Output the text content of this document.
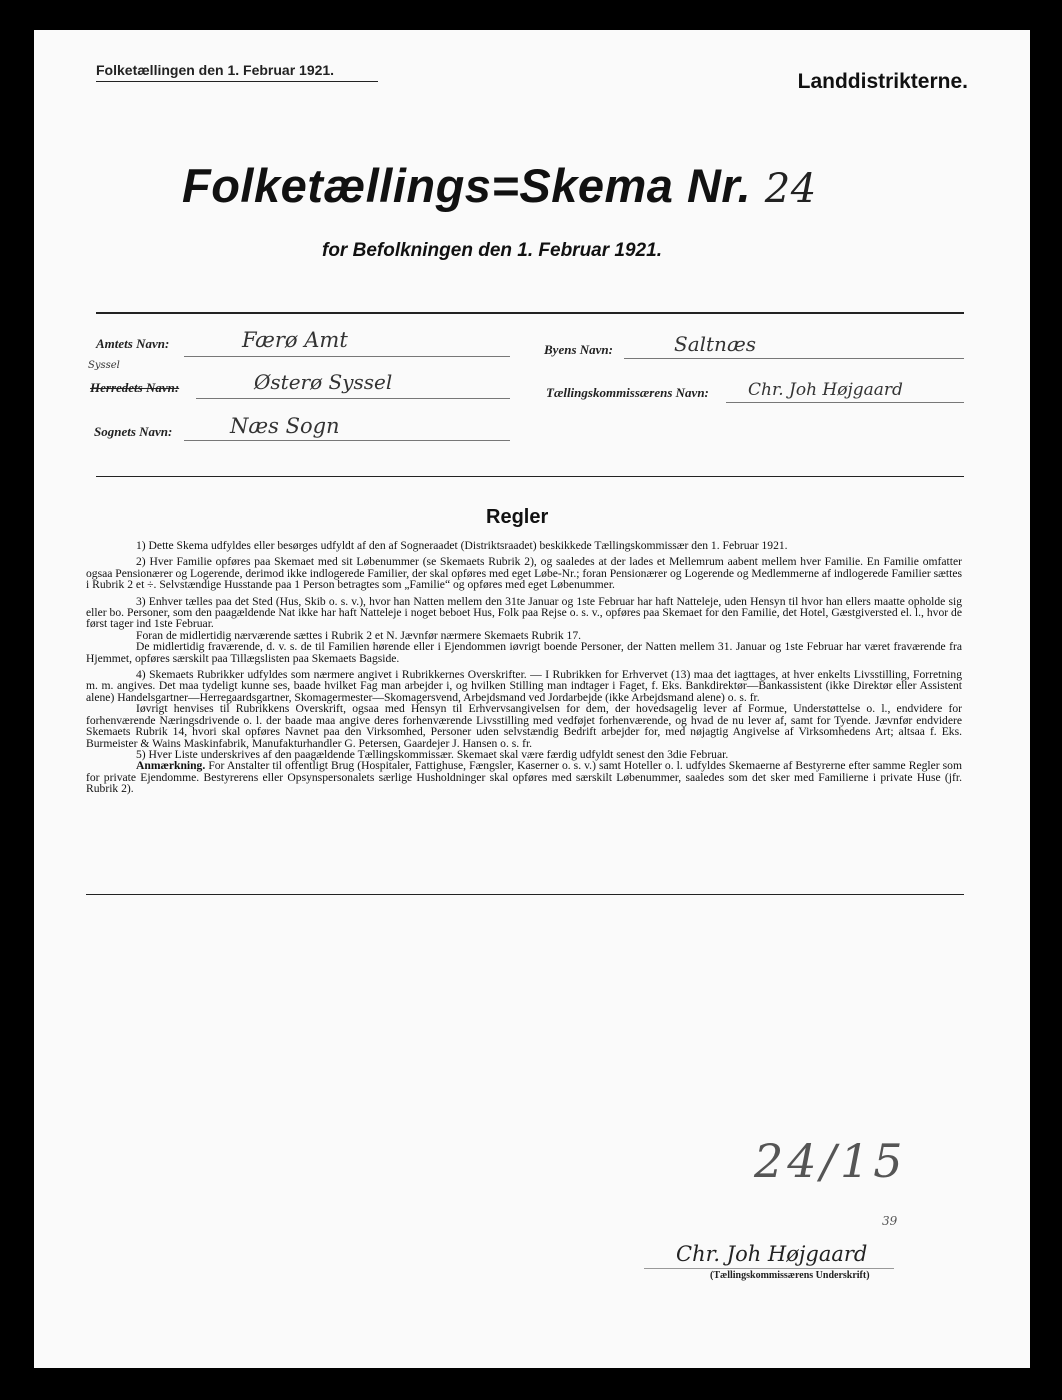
Folketællingen den 1. Februar 1921.	Landdistrikterne.
Folketællings=Skema Nr. 24
for Befolkningen den 1. Februar 1921.
Amtets Navn:	Færø Amt	Byens Navn:	Saltnæs
Syssel
Herredets Navn:	Østerø Syssel	Tællingskommissærens Navn: Chr. Joh Højgaard
Sognets Navn:	Næs Sogn
Regler

1) Dette Skema udfyldes eller besørges udfyldt af den af Sogneraadet (Distriktsraadet) beskikkede Tællingskommissær den 1. Februar 1921.

2) Hver Familie opføres paa Skemaet med sit Løbenummer (se Skemaets Rubrik 2), og saaledes at der lades et Mellemrum aabent mellem hver Familie. En Familie omfatter ogsaa Pensionærer og Logerende, derimod ikke indlogerede Familier, der skal opføres med eget Løbe-Nr.; foran Pensionærer og Logerende og Medlemmerne af indlogerede Familier sættes i Rubrik 2 et ÷. Selvstændige Husstande paa 1 Person betragtes som „Familie“ og opføres med eget Løbenummer.

3) Enhver tælles paa det Sted (Hus, Skib o. s. v.), hvor han Natten mellem den 31te Januar og 1ste Februar har haft Natteleje, uden Hensyn til hvor han ellers maatte opholde sig eller bo. Personer, som den paagældende Nat ikke har haft Natteleje i noget beboet Hus, Folk paa Rejse o. s. v., opføres paa Skemaet for den Familie, det Hotel, Gæstgiversted el. l., hvor de først tager ind 1ste Februar.

Foran de midlertidig nærværende sættes i Rubrik 2 et N. Jævnfør nærmere Skemaets Rubrik 17.

De midlertidig fraværende, d. v. s. de til Familien hørende eller i Ejendommen iøvrigt boende Personer, der Natten mellem 31. Januar og 1ste Februar har været fraværende fra Hjemmet, opføres særskilt paa Tillægslisten paa Skemaets Bagside.

4) Skemaets Rubrikker udfyldes som nærmere angivet i Rubrikkernes Overskrifter. — I Rubrikken for Erhvervet (13) maa det iagttages, at hver enkelts Livsstilling, Forretning m. m. angives. Det maa tydeligt kunne ses, baade hvilket Fag man arbejder i, og hvilken Stilling man indtager i Faget, f. Eks. Bankdirektør—Bankassistent (ikke Direktør eller Assistent alene) Handelsgartner—Herregaardsgartner, Skomagermester—Skomagersvend, Arbejdsmand ved Jordarbejde (ikke Arbejdsmand alene) o. s. fr.

Iøvrigt henvises til Rubrikkens Overskrift, ogsaa med Hensyn til Erhvervsangivelsen for dem, der hovedsagelig lever af Formue, Understøttelse o. l., endvidere for forhenværende Næringsdrivende o. l. der baade maa angive deres forhenværende Livsstilling med vedføjet forhenværende, og hvad de nu lever af, samt for Tyende. Jævnfør endvidere Skemaets Rubrik 14, hvori skal opføres Navnet paa den Virksomhed, Personer uden selvstændig Bedrift arbejder for, med nøjagtig Angivelse af Virksomhedens Art; altsaa f. Eks. Burmeister & Wains Maskinfabrik, Manufakturhandler G. Petersen, Gaardejer J. Hansen o. s. fr.

5) Hver Liste underskrives af den paagældende Tællingskommissær. Skemaet skal være færdig udfyldt senest den 3die Februar.

Anmærkning. For Anstalter til offentligt Brug (Hospitaler, Fattighuse, Fængsler, Kaserner o. s. v.) samt Hoteller o. l. udfyldes Skemaerne af Bestyrerne efter samme Regler som for private Ejendomme. Bestyrerens eller Opsynspersonalets særlige Husholdninger skal opføres med særskilt Løbenummer, saaledes som det sker med Familierne i private Huse (jfr. Rubrik 2).

24/15
39
Chr. Joh Højgaard
(Tællingskommissærens Underskrift)
